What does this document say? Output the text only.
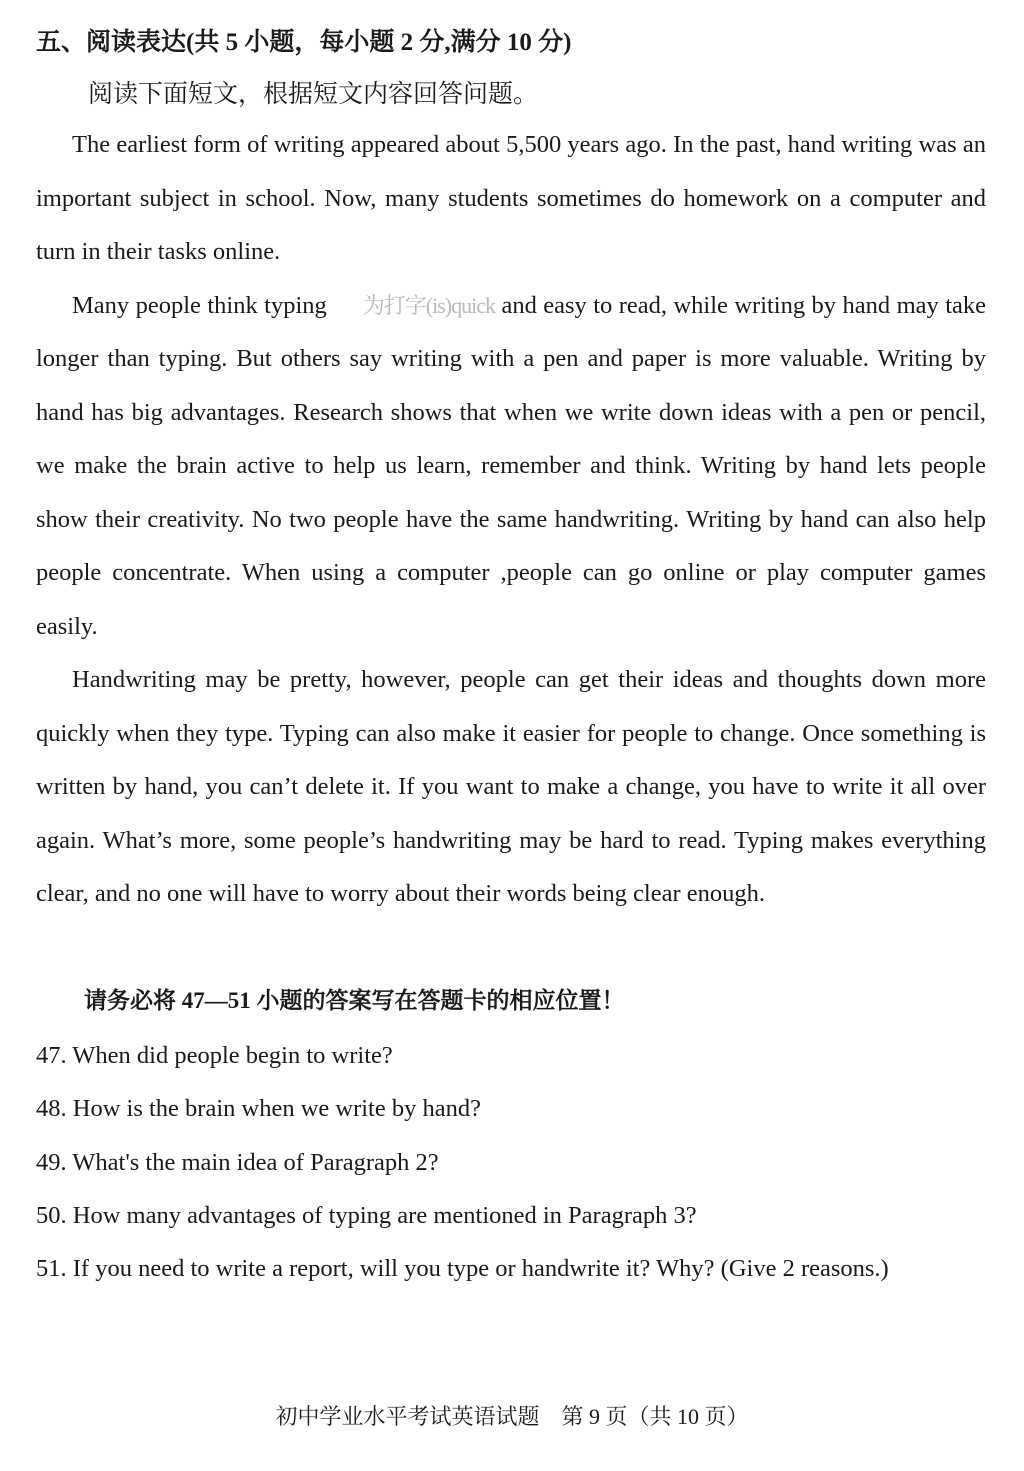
五、阅读表达(共 5 小题，每小题 2 分,满分 10 分)
阅读下面短文，根据短文内容回答问题。

The earliest form of writing appeared about 5,500 years ago. In the past, hand writing was an important subject in school. Now, many students sometimes do homework on a computer and turn in their tasks online.

Many people think typing 为打字(is)quick and easy to read, while writing by hand may take longer than typing. But others say writing with a pen and paper is more valuable. Writing by hand has big advantages. Research shows that when we write down ideas with a pen or pencil, we make the brain active to help us learn, remember and think. Writing by hand lets people show their creativity. No two people have the same handwriting. Writing by hand can also help people concentrate. When using a computer ,people can go online or play computer games easily.

Handwriting may be pretty, however, people can get their ideas and thoughts down more quickly when they type. Typing can also make it easier for people to change. Once something is written by hand, you can’t delete it. If you want to make a change, you have to write it all over again. What’s more, some people’s handwriting may be hard to read. Typing makes everything clear, and no one will have to worry about their words being clear enough.

请务必将 47—51 小题的答案写在答题卡的相应位置！
47. When did people begin to write?
48. How is the brain when we write by hand?
49. What's the main idea of Paragraph 2?
50. How many advantages of typing are mentioned in Paragraph 3?
51. If you need to write a report, will you type or handwrite it? Why? (Give 2 reasons.)
初中学业水平考试英语试题　第 9 页（共 10 页）
